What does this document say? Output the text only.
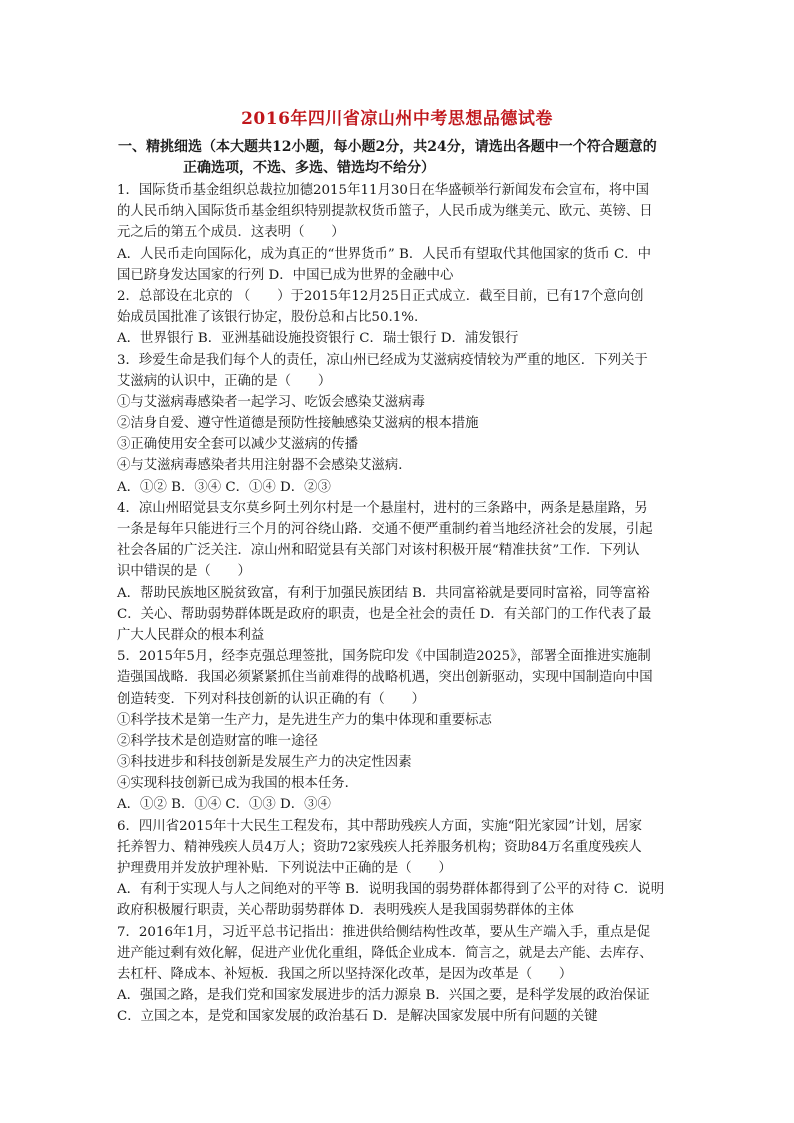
2016年四川省凉山州中考思想品德试卷
一、精挑细选（本大题共12小题，每小题2分，共24分，请选出各题中一个符合题意的
正确选项，不选、多选、错选均不给分）
1．国际货币基金组织总裁拉加德2015年11月30日在华盛顿举行新闻发布会宣布，将中国
的人民币纳入国际货币基金组织特别提款权货币篮子，人民币成为继美元、欧元、英镑、日
元之后的第五个成员．这表明（　　）
A．人民币走向国际化，成为真正的“世界货币” B．人民币有望取代其他国家的货币 C．中
国已跻身发达国家的行列 D．中国已成为世界的金融中心
2．总部设在北京的 （　　）于2015年12月25日正式成立．截至目前，已有17个意向创
始成员国批准了该银行协定，股份总和占比50.1%.
A．世界银行 B．亚洲基础设施投资银行 C．瑞士银行 D．浦发银行
3．珍爱生命是我们每个人的责任，凉山州已经成为艾滋病疫情较为严重的地区．下列关于
艾滋病的认识中，正确的是（　　）
①与艾滋病毒感染者一起学习、吃饭会感染艾滋病毒
②洁身自爱、遵守性道德是预防性接触感染艾滋病的根本措施
③正确使用安全套可以减少艾滋病的传播
④与艾滋病毒感染者共用注射器不会感染艾滋病．
A．①② B．③④ C．①④ D．②③
4．凉山州昭觉县支尔莫乡阿土列尔村是一个悬崖村，进村的三条路中，两条是悬崖路，另
一条是每年只能进行三个月的河谷绕山路．交通不便严重制约着当地经济社会的发展，引起
社会各届的广泛关注．凉山州和昭觉县有关部门对该村积极开展“精准扶贫”工作．下列认
识中错误的是（　　）
A．帮助民族地区脱贫致富，有利于加强民族团结 B．共同富裕就是要同时富裕，同等富裕
C．关心、帮助弱势群体既是政府的职责，也是全社会的责任 D．有关部门的工作代表了最
广大人民群众的根本利益
5．2015年5月，经李克强总理签批，国务院印发《中国制造2025》，部署全面推进实施制
造强国战略．我国必须紧紧抓住当前难得的战略机遇，突出创新驱动，实现中国制造向中国
创造转变．下列对科技创新的认识正确的有（　　）
①科学技术是第一生产力，是先进生产力的集中体现和重要标志
②科学技术是创造财富的唯一途径
③科技进步和科技创新是发展生产力的决定性因素
④实现科技创新已成为我国的根本任务．
A．①② B．①④ C．①③ D．③④
6．四川省2015年十大民生工程发布，其中帮助残疾人方面，实施“阳光家园”计划，居家
托养智力、精神残疾人员4万人；资助72家残疾人托养服务机构；资助84万名重度残疾人
护理费用并发放护理补贴．下列说法中正确的是（　　）
A．有利于实现人与人之间绝对的平等 B．说明我国的弱势群体都得到了公平的对待 C．说明
政府积极履行职责，关心帮助弱势群体 D．表明残疾人是我国弱势群体的主体
7．2016年1月，习近平总书记指出：推进供给侧结构性改革，要从生产端入手，重点是促
进产能过剩有效化解，促进产业优化重组，降低企业成本．简言之，就是去产能、去库存、
去杠杆、降成本、补短板．我国之所以坚持深化改革，是因为改革是（　　）
A．强国之路，是我们党和国家发展进步的活力源泉 B．兴国之要，是科学发展的政治保证
C．立国之本，是党和国家发展的政治基石 D．是解决国家发展中所有问题的关键
